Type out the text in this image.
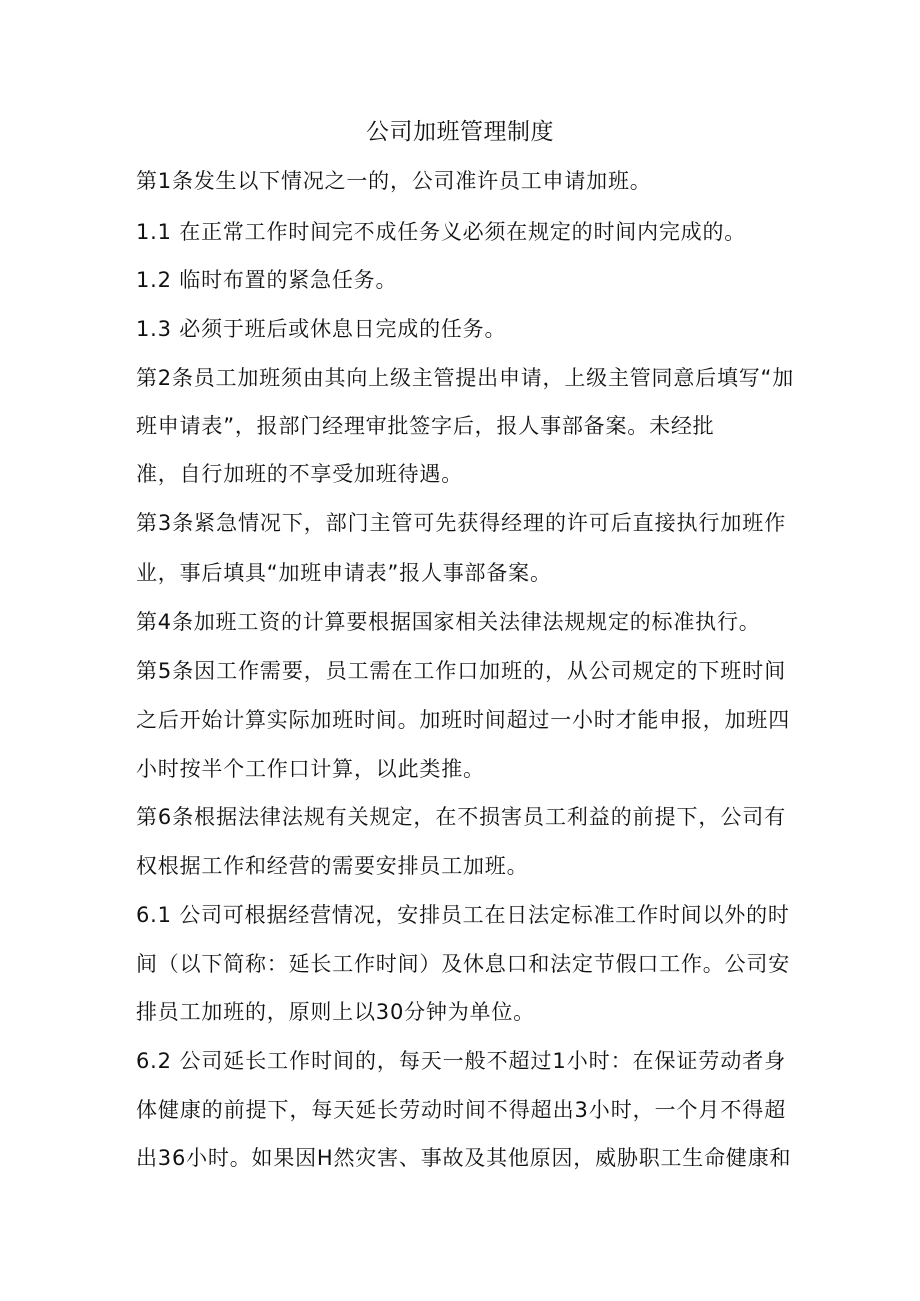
公司加班管理制度
第1条发生以下情况之一的，公司准许员工申请加班。
1.1 在正常工作时间完不成任务义必须在规定的时间内完成的。
1.2 临时布置的紧急任务。
1.3 必须于班后或休息日完成的任务。
第2条员工加班须由其向上级主管提出申请，上级主管同意后填写“加
班申请表”，报部门经理审批签字后，报人事部备案。未经批
准，自行加班的不享受加班待遇。
第3条紧急情况下，部门主管可先获得经理的许可后直接执行加班作
业，事后填具“加班申请表”报人事部备案。
第4条加班工资的计算要根据国家相关法律法规规定的标准执行。
第5条因工作需要，员工需在工作口加班的，从公司规定的下班时间
之后开始计算实际加班时间。加班时间超过一小时才能申报，加班四
小时按半个工作口计算，以此类推。
第6条根据法律法规有关规定，在不损害员工利益的前提下，公司有
权根据工作和经营的需要安排员工加班。
6.1 公司可根据经营情况，安排员工在日法定标准工作时间以外的时
间（以下简称：延长工作时间）及休息口和法定节假口工作。公司安
排员工加班的，原则上以30分钟为单位。
6.2 公司延长工作时间的，每天一般不超过1小时：在保证劳动者身
体健康的前提下，每天延长劳动时间不得超出3小时，一个月不得超
出36小时。如果因H然灾害、事故及其他原因，威胁职工生命健康和
